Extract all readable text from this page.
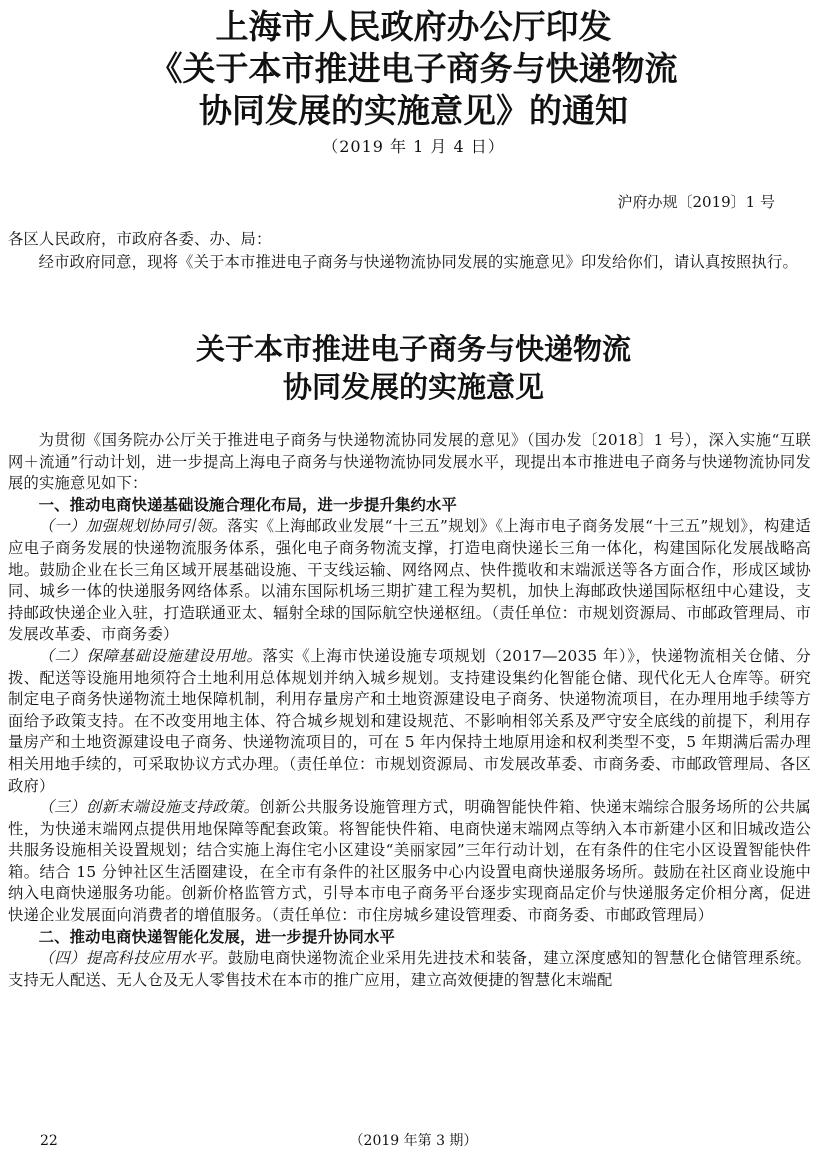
上海市人民政府办公厅印发
《关于本市推进电子商务与快递物流
协同发展的实施意见》的通知
（2019 年 1 月 4 日）
沪府办规〔2019〕1 号
各区人民政府，市政府各委、办、局：
经市政府同意，现将《关于本市推进电子商务与快递物流协同发展的实施意见》印发给你们，请认真按照执行。
关于本市推进电子商务与快递物流
协同发展的实施意见

为贯彻《国务院办公厅关于推进电子商务与快递物流协同发展的意见》（国办发〔2018〕1 号），深入实施“互联网＋流通”行动计划，进一步提高上海电子商务与快递物流协同发展水平，现提出本市推进电子商务与快递物流协同发展的实施意见如下：

一、推动电商快递基础设施合理化布局，进一步提升集约水平

（一）加强规划协同引领。落实《上海邮政业发展“十三五”规划》《上海市电子商务发展“十三五”规划》，构建适应电子商务发展的快递物流服务体系，强化电子商务物流支撑，打造电商快递长三角一体化，构建国际化发展战略高地。鼓励企业在长三角区域开展基础设施、干支线运输、网络网点、快件揽收和末端派送等各方面合作，形成区域协同、城乡一体的快递服务网络体系。以浦东国际机场三期扩建工程为契机，加快上海邮政快递国际枢纽中心建设，支持邮政快递企业入驻，打造联通亚太、辐射全球的国际航空快递枢纽。（责任单位：市规划资源局、市邮政管理局、市发展改革委、市商务委）

（二）保障基础设施建设用地。落实《上海市快递设施专项规划（2017—2035 年）》，快递物流相关仓储、分拨、配送等设施用地须符合土地利用总体规划并纳入城乡规划。支持建设集约化智能仓储、现代化无人仓库等。研究制定电子商务快递物流土地保障机制，利用存量房产和土地资源建设电子商务、快递物流项目，在办理用地手续等方面给予政策支持。在不改变用地主体、符合城乡规划和建设规范、不影响相邻关系及严守安全底线的前提下，利用存量房产和土地资源建设电子商务、快递物流项目的，可在 5 年内保持土地原用途和权利类型不变，5 年期满后需办理相关用地手续的，可采取协议方式办理。（责任单位：市规划资源局、市发展改革委、市商务委、市邮政管理局、各区政府）

（三）创新末端设施支持政策。创新公共服务设施管理方式，明确智能快件箱、快递末端综合服务场所的公共属性，为快递末端网点提供用地保障等配套政策。将智能快件箱、电商快递末端网点等纳入本市新建小区和旧城改造公共服务设施相关设置规划；结合实施上海住宅小区建设“美丽家园”三年行动计划，在有条件的住宅小区设置智能快件箱。结合 15 分钟社区生活圈建设，在全市有条件的社区服务中心内设置电商快递服务场所。鼓励在社区商业设施中纳入电商快递服务功能。创新价格监管方式，引导本市电子商务平台逐步实现商品定价与快递服务定价相分离，促进快递企业发展面向消费者的增值服务。（责任单位：市住房城乡建设管理委、市商务委、市邮政管理局）

二、推动电商快递智能化发展，进一步提升协同水平

（四）提高科技应用水平。鼓励电商快递物流企业采用先进技术和装备，建立深度感知的智慧化仓储管理系统。支持无人配送、无人仓及无人零售技术在本市的推广应用，建立高效便捷的智慧化末端配

22	（2019 年第 3 期）
